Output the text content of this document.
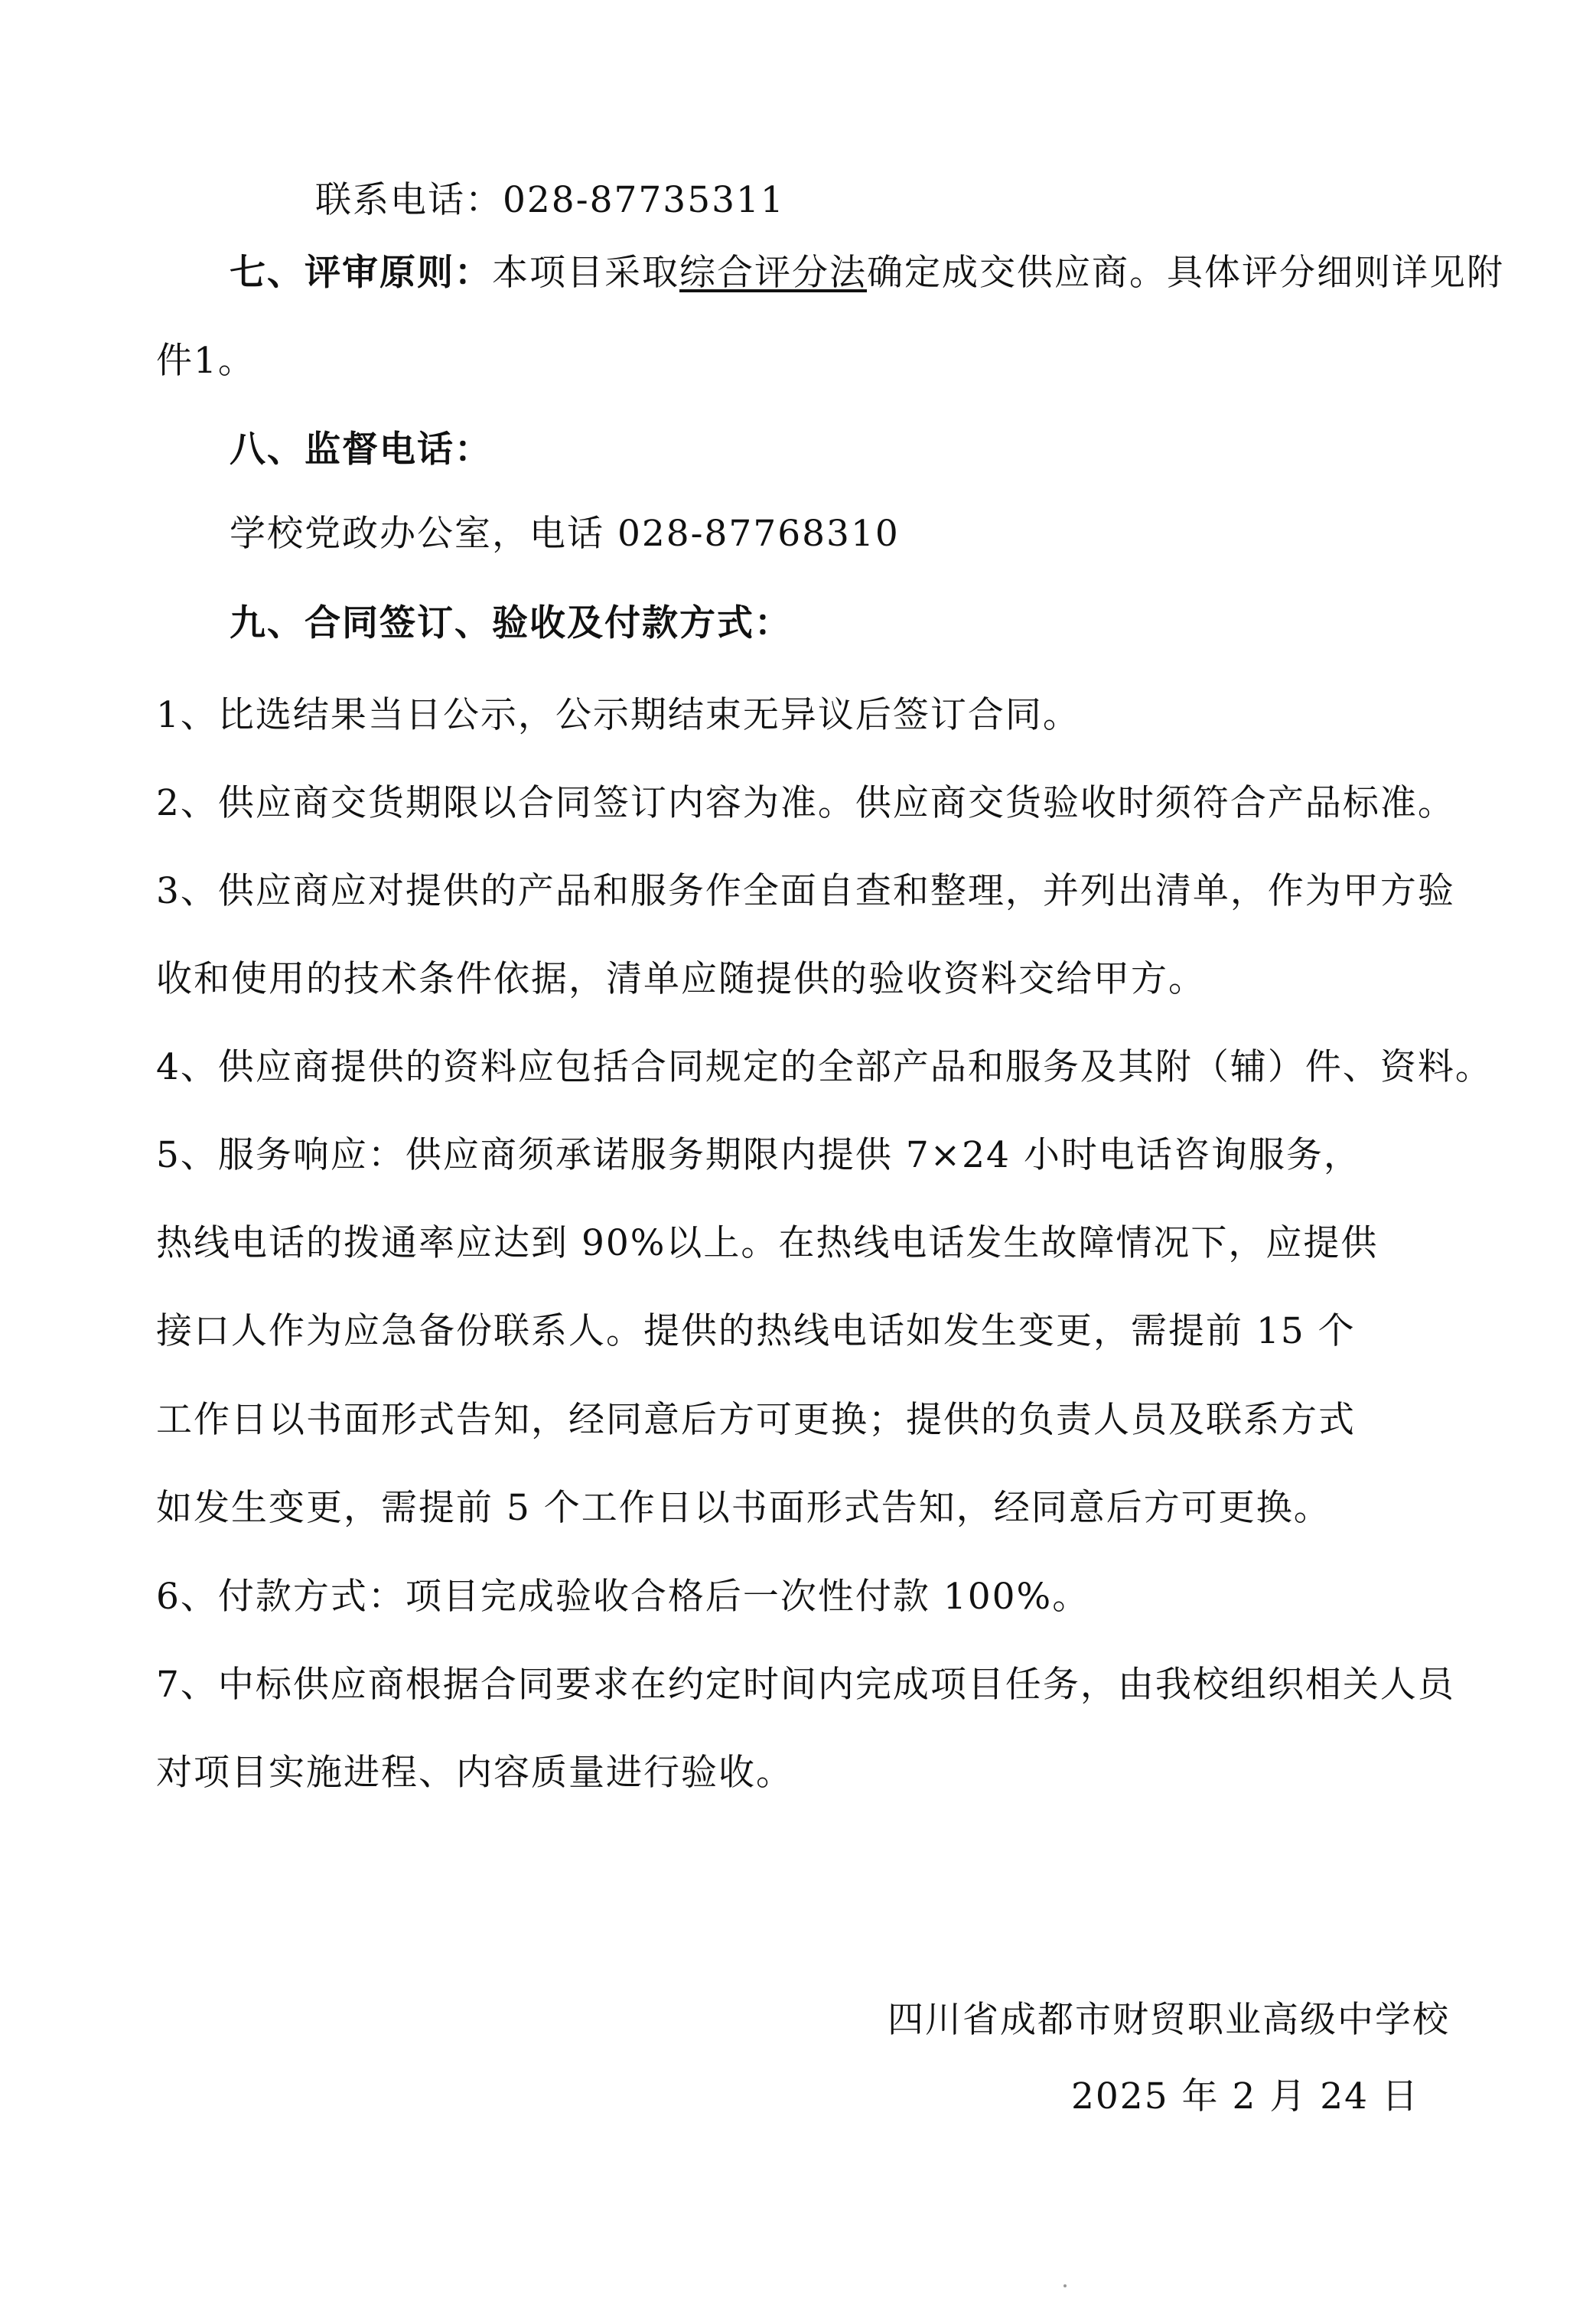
联系电话：028-87735311
七、评审原则：本项目采取综合评分法确定成交供应商。具体评分细则详见附
件1。
八、监督电话：
学校党政办公室，电话 028-87768310
九、合同签订、验收及付款方式：
1、比选结果当日公示，公示期结束无异议后签订合同。
2、供应商交货期限以合同签订内容为准。供应商交货验收时须符合产品标准。
3、供应商应对提供的产品和服务作全面自查和整理，并列出清单，作为甲方验
收和使用的技术条件依据，清单应随提供的验收资料交给甲方。
4、供应商提供的资料应包括合同规定的全部产品和服务及其附（辅）件、资料。
5、服务响应：供应商须承诺服务期限内提供 7×24 小时电话咨询服务，
热线电话的拨通率应达到 90%以上。在热线电话发生故障情况下，应提供
接口人作为应急备份联系人。提供的热线电话如发生变更，需提前 15 个
工作日以书面形式告知，经同意后方可更换；提供的负责人员及联系方式
如发生变更，需提前 5 个工作日以书面形式告知，经同意后方可更换。
6、付款方式：项目完成验收合格后一次性付款 100%。
7、中标供应商根据合同要求在约定时间内完成项目任务，由我校组织相关人员
对项目实施进程、内容质量进行验收。
四川省成都市财贸职业高级中学校
2025 年 2 月 24 日
